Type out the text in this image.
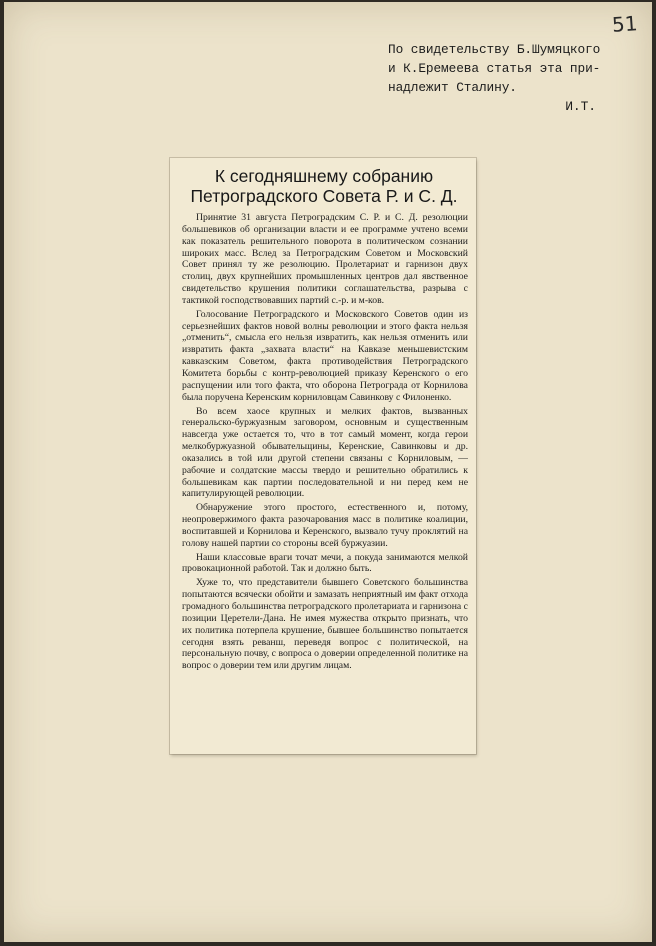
51
По свидетельству Б.Шумяцкого
и К.Еремеева статья эта при-
надлежит Сталину.
И.Т.
К сегодняшнему собранию Петроградского Совета Р. и С. Д.

Принятие 31 августа Петроградским С. Р. и С. Д. резолюции большевиков об организации власти и ее программе учтено всеми как показатель решительного поворота в политическом сознании широких масс. Вслед за Петроградским Советом и Московский Совет принял ту же резолюцию. Пролетариат и гарнизон двух столиц, двух крупнейших промышленных центров дал явственное свидетельство крушения политики соглашательства, разрыва с тактикой господствовавших партий с.-р. и м-ков.

Голосование Петроградского и Московского Советов один из серьезнейших фактов новой волны революции и этого факта нельзя „отменить“, смысла его нельзя извратить, как нельзя отменить или извратить факта „захвата власти“ на Кавказе меньшевистским кавказским Советом, факта противодействия Петроградского Комитета борьбы с контр-революцией приказу Керенского о его распущении или того факта, что оборона Петрограда от Корнилова была поручена Керенским корниловцам Савинкову с Филоненко.

Во всем хаосе крупных и мелких фактов, вызванных генеральско-буржуазным заговором, основным и существенным навсегда уже остается то, что в тот самый момент, когда герои мелкобуржуазной обывательщины, Керенские, Савинковы и др. оказались в той или другой степени связаны с Корниловым, — рабочие и солдатские массы твердо и решительно обратились к большевикам как партии последовательной и ни перед кем не капитулирующей революции.

Обнаружение этого простого, естественного и, потому, неопровержимого факта разочарования масс в политике коалиции, воспитавшей и Корнилова и Керенского, вызвало тучу проклятий на голову нашей партии со стороны всей буржуазии.

Наши классовые враги точат мечи, а покуда занимаются мелкой провокационной работой. Так и должно быть.

Хуже то, что представители бывшего Советского большинства попытаются всячески обойти и замазать неприятный им факт отхода громадного большинства петроградского пролетариата и гарнизона с позиции Церетели-Дана. Не имея мужества открыто признать, что их политика потерпела крушение, бывшее большинство попытается сегодня взять реванш, переведя вопрос с политической, на персональную почву, с вопроса о доверии определенной политике на вопрос о доверии тем или другим лицам.
